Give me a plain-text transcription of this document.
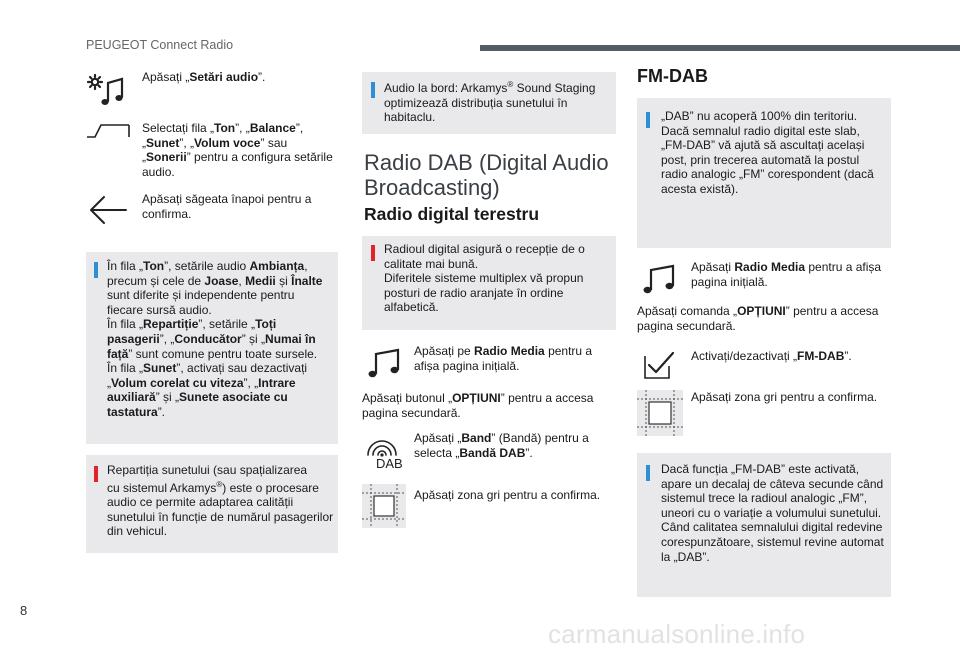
PEUGEOT Connect Radio
Apăsați „Setări audio”.
Selectați fila „Ton”, „Balance”, „Sunet”, „Volum voce” sau „Sonerii” pentru a configura setările audio.
Apăsați săgeata înapoi pentru a confirma.
În fila „Ton”, setările audio Ambianța,
precum și cele de Joase, Medii și Înalte
sunt diferite și independente pentru
fiecare sursă audio.
În fila „Repartiție”, setările „Toți
pasagerii”, „Conducător” și „Numai în
față” sunt comune pentru toate sursele.
În fila „Sunet”, activați sau dezactivați
„Volum corelat cu viteza”, „Intrare
auxiliară” și „Sunete asociate cu
tastatura”.
Repartiția sunetului (sau spațializarea
cu sistemul Arkamys®) este o procesare
audio ce permite adaptarea calității
sunetului în funcție de numărul pasagerilor
din vehicul.
Audio la bord: Arkamys® Sound Staging
optimizează distribuția sunetului în
habitaclu.
Radio DAB (Digital Audio
Broadcasting)
Radio digital terestru
Radioul digital asigură o recepție de o
calitate mai bună.
Diferitele sisteme multiplex vă propun
posturi de radio aranjate în ordine
alfabetică.
Apăsați pe Radio Media pentru a
afișa pagina inițială.
Apăsați butonul „OPȚIUNI” pentru a accesa
pagina secundară.
DAB
Apăsați „Band” (Bandă) pentru a
selecta „Bandă DAB”.
Apăsați zona gri pentru a confirma.
FM-DAB
„DAB” nu acoperă 100% din teritoriu.
Dacă semnalul radio digital este slab,
„FM-DAB” vă ajută să ascultați același
post, prin trecerea automată la postul
radio analogic „FM” corespondent (dacă
acesta există).
Apăsați Radio Media pentru a afișa
pagina inițială.
Apăsați comanda „OPȚIUNI” pentru a accesa
pagina secundară.
Activați/dezactivați „FM-DAB”.
Apăsați zona gri pentru a confirma.
Dacă funcția „FM-DAB” este activată,
apare un decalaj de câteva secunde când
sistemul trece la radioul analogic „FM”,
uneori cu o variație a volumului sunetului.
Când calitatea semnalului digital redevine
corespunzătoare, sistemul revine automat
la „DAB”.
8
carmanualsonline.info
